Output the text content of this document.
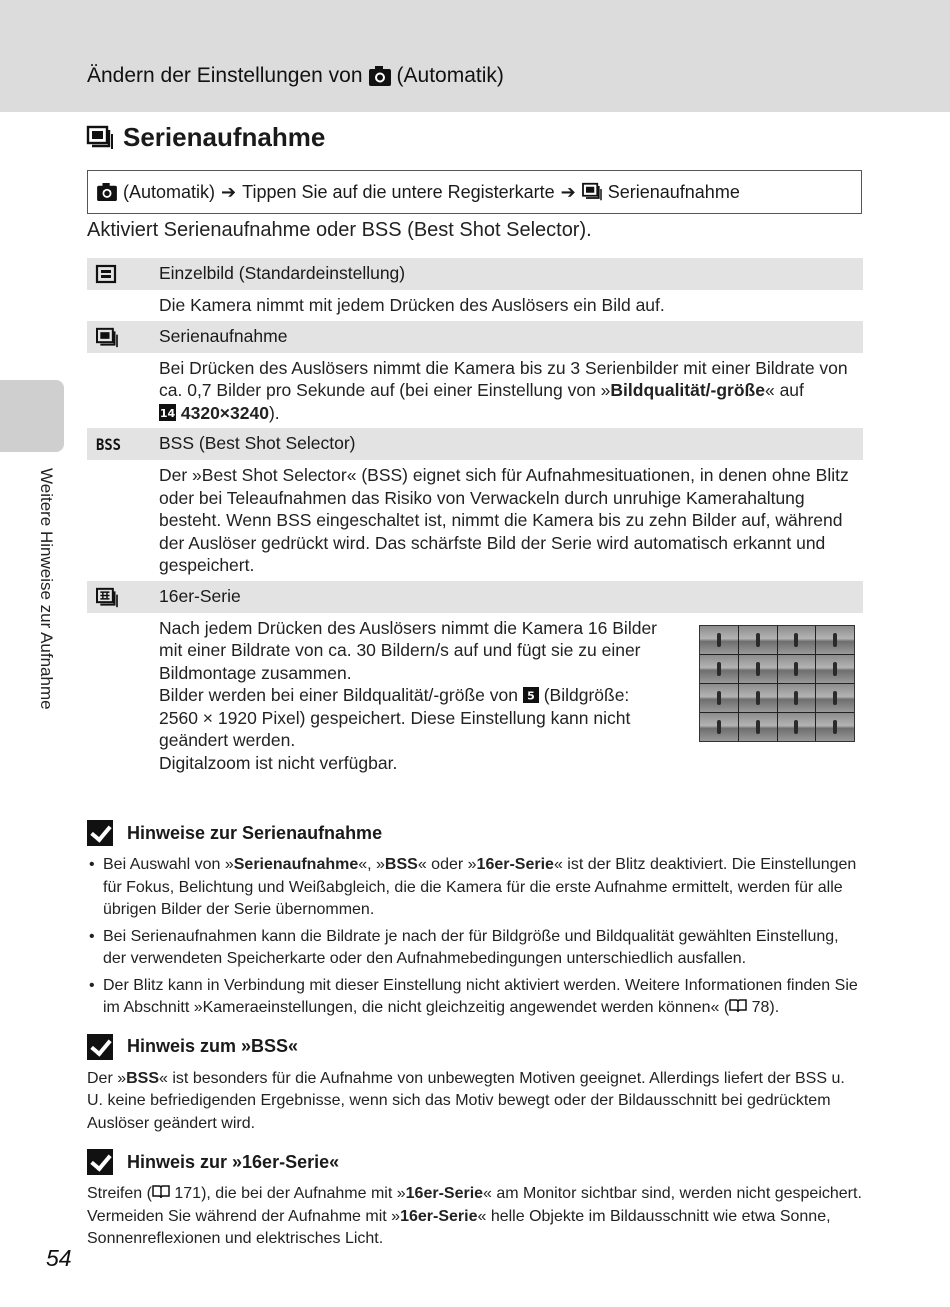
Ändern der Einstellungen von (Automatik)
Weitere Hinweise zur Aufnahme
Serienaufnahme
(Automatik) ➔ Tippen Sie auf die untere Registerkarte ➔ Serienaufnahme
Aktiviert Serienaufnahme oder BSS (Best Shot Selector).
Einzelbild (Standardeinstellung)
Die Kamera nimmt mit jedem Drücken des Auslösers ein Bild auf.
Serienaufnahme
Bei Drücken des Auslösers nimmt die Kamera bis zu 3 Serienbilder mit einer Bildrate von ca. 0,7 Bilder pro Sekunde auf (bei einer Einstellung von »Bildqualität/-größe« auf

14 4320×3240).
BSS BSS (Best Shot Selector)
Der »Best Shot Selector« (BSS) eignet sich für Aufnahmesituationen, in denen ohne Blitz oder bei Teleaufnahmen das Risiko von Verwackeln durch unruhige Kamerahaltung besteht. Wenn BSS eingeschaltet ist, nimmt die Kamera bis zu zehn Bilder auf, während der Auslöser gedrückt wird. Das schärfste Bild der Serie wird automatisch erkannt und gespeichert.
16er-Serie
Nach jedem Drücken des Auslösers nimmt die Kamera 16 Bilder
mit einer Bildrate von ca. 30 Bildern/s auf und fügt sie zu einer
Bildmontage zusammen.
Bilder werden bei einer Bildqualität/-größe von 5 (Bildgröße:
2560 × 1920 Pixel) gespeichert. Diese Einstellung kann nicht
geändert werden.
Digitalzoom ist nicht verfügbar.
Hinweise zur Serienaufnahme
• Bei Auswahl von »Serienaufnahme«, »BSS« oder »16er-Serie« ist der Blitz deaktiviert. Die Einstellungen für Fokus, Belichtung und Weißabgleich, die die Kamera für die erste Aufnahme ermittelt, werden für alle übrigen Bilder der Serie übernommen.
• Bei Serienaufnahmen kann die Bildrate je nach der für Bildgröße und Bildqualität gewählten Einstellung, der verwendeten Speicherkarte oder den Aufnahmebedingungen unterschiedlich ausfallen.
• Der Blitz kann in Verbindung mit dieser Einstellung nicht aktiviert werden. Weitere Informationen finden Sie im Abschnitt »Kameraeinstellungen, die nicht gleichzeitig angewendet werden können« ( 78).
Hinweis zum »BSS«
Der »BSS« ist besonders für die Aufnahme von unbewegten Motiven geeignet. Allerdings liefert der BSS u. U. keine befriedigenden Ergebnisse, wenn sich das Motiv bewegt oder der Bildausschnitt bei gedrücktem Auslöser geändert wird.
Hinweis zur »16er-Serie«
Streifen ( 171), die bei der Aufnahme mit »16er-Serie« am Monitor sichtbar sind, werden nicht gespeichert. Vermeiden Sie während der Aufnahme mit »16er-Serie« helle Objekte im Bildausschnitt wie etwa Sonne, Sonnenreflexionen und elektrisches Licht.
54
